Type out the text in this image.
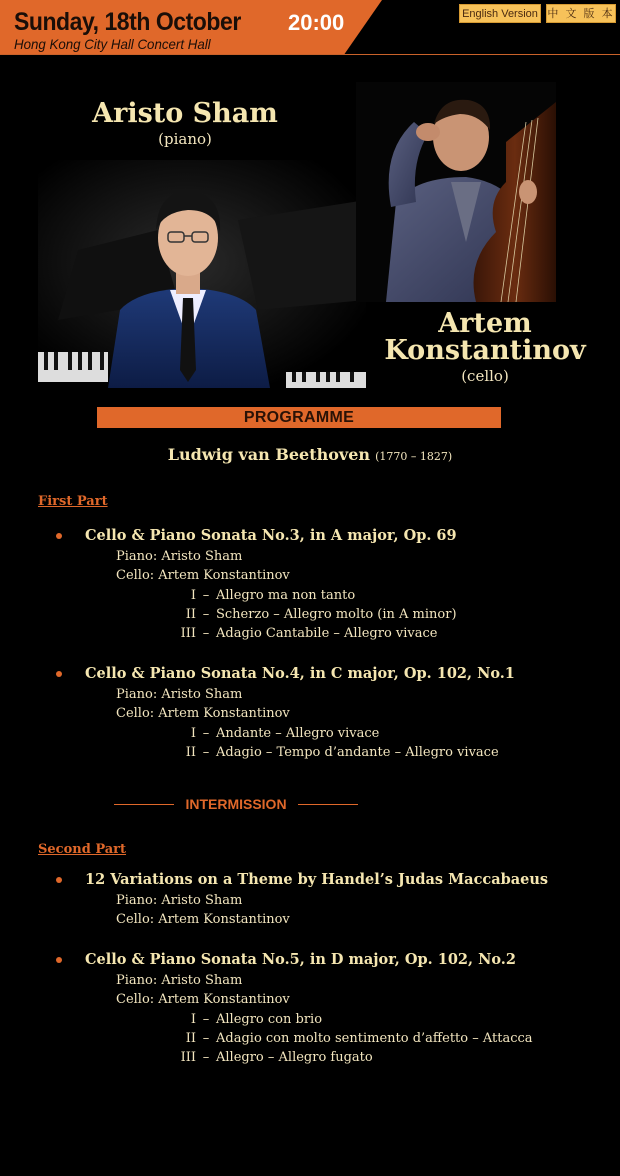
Sunday, 18th October 20:00
Hong Kong City Hall Concert Hall
English Version 中 文 版 本
Aristo Sham
(piano)
Artem
Konstantinov
(cello)
PROGRAMME
Ludwig van Beethoven (1770 – 1827)
First Part
Cello & Piano Sonata No.3, in A major, Op. 69
Piano: Aristo Sham
Cello: Artem Konstantinov
I – Allegro ma non tanto
II – Scherzo – Allegro molto (in A minor)
III – Adagio Cantabile – Allegro vivace
Cello & Piano Sonata No.4, in C major, Op. 102, No.1
Piano: Aristo Sham
Cello: Artem Konstantinov
I – Andante – Allegro vivace
II – Adagio – Tempo d’andante – Allegro vivace
INTERMISSION
Second Part
12 Variations on a Theme by Handel’s Judas Maccabaeus
Piano: Aristo Sham
Cello: Artem Konstantinov
Cello & Piano Sonata No.5, in D major, Op. 102, No.2
Piano: Aristo Sham
Cello: Artem Konstantinov
I – Allegro con brio
II – Adagio con molto sentimento d’affetto – Attacca
III – Allegro – Allegro fugato
